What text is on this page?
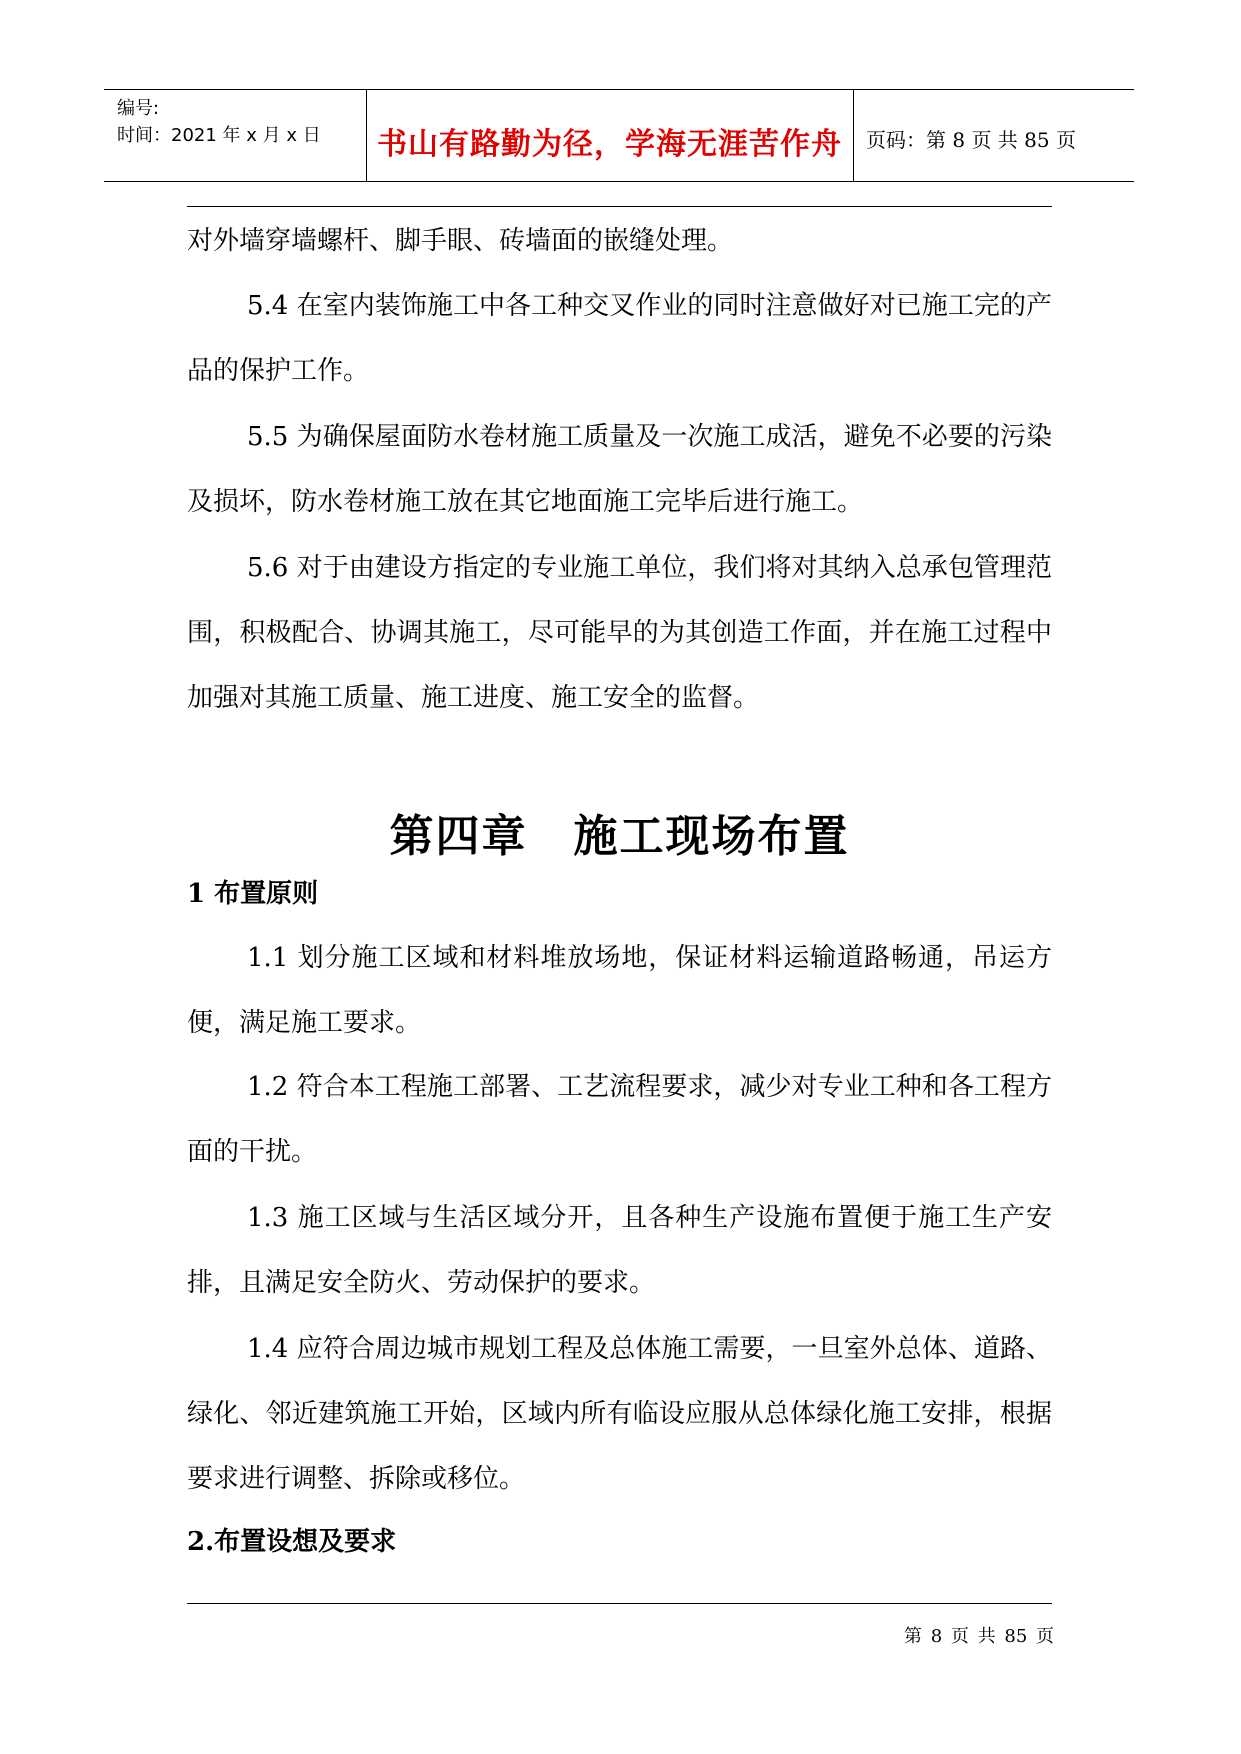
编号:
时间：2021 年 x 月 x 日	书山有路勤为径，学海无涯苦作舟	页码：第 8 页 共 85 页

对外墙穿墙螺杆、脚手眼、砖墙面的嵌缝处理。

5.4 在室内装饰施工中各工种交叉作业的同时注意做好对已施工完的产品的保护工作。

5.5 为确保屋面防水卷材施工质量及一次施工成活，避免不必要的污染及损坏，防水卷材施工放在其它地面施工完毕后进行施工。

5.6 对于由建设方指定的专业施工单位，我们将对其纳入总承包管理范围，积极配合、协调其施工，尽可能早的为其创造工作面，并在施工过程中加强对其施工质量、施工进度、施工安全的监督。

第四章　施工现场布置
1 布置原则

1.1 划分施工区域和材料堆放场地，保证材料运输道路畅通，吊运方便，满足施工要求。

1.2 符合本工程施工部署、工艺流程要求，减少对专业工种和各工程方面的干扰。

1.3 施工区域与生活区域分开，且各种生产设施布置便于施工生产安排，且满足安全防火、劳动保护的要求。

1.4 应符合周边城市规划工程及总体施工需要，一旦室外总体、道路、绿化、邻近建筑施工开始，区域内所有临设应服从总体绿化施工安排，根据要求进行调整、拆除或移位。

2.布置设想及要求
第 8 页 共 85 页
